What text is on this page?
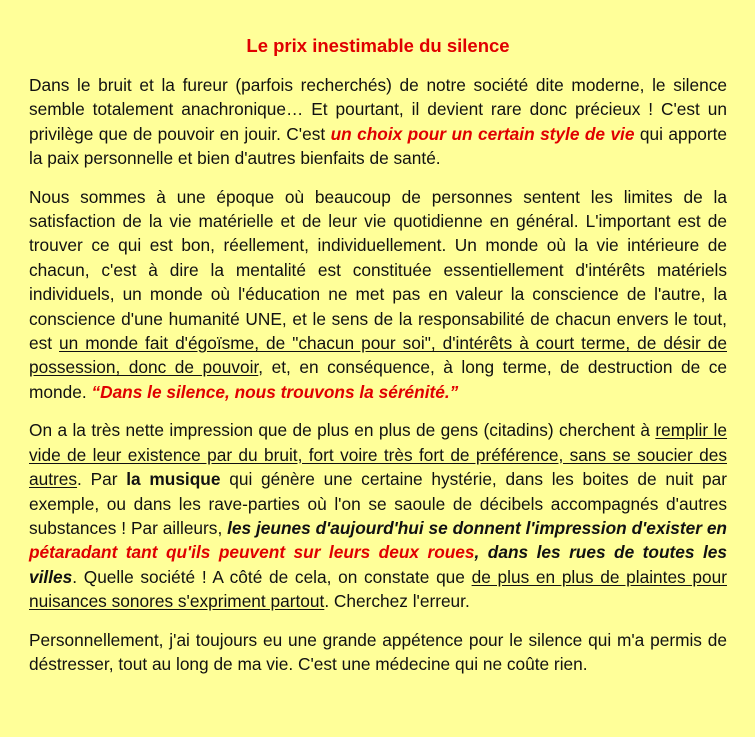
Le prix inestimable du silence

Dans le bruit et la fureur (parfois recherchés) de notre société dite moderne, le silence semble totalement anachronique… Et pourtant, il devient rare donc précieux ! C'est un privilège que de pouvoir en jouir. C'est un choix pour un certain style de vie qui apporte la paix personnelle et bien d'autres bienfaits de santé.

Nous sommes à une époque où beaucoup de personnes sentent les limites de la satisfaction de la vie matérielle et de leur vie quotidienne en général. L'important est de trouver ce qui est bon, réellement, individuellement. Un monde où la vie intérieure de chacun, c'est à dire la mentalité est constituée essentiellement d'intérêts matériels individuels, un monde où l'éducation ne met pas en valeur la conscience de l'autre, la conscience d'une humanité UNE, et le sens de la responsabilité de chacun envers le tout, est un monde fait d'égoïsme, de "chacun pour soi", d'intérêts à court terme, de désir de possession, donc de pouvoir, et, en conséquence, à long terme, de destruction de ce monde. “Dans le silence, nous trouvons la sérénité.”

On a la très nette impression que de plus en plus de gens (citadins) cherchent à remplir le vide de leur existence par du bruit, fort voire très fort de préférence, sans se soucier des autres. Par la musique qui génère une certaine hystérie, dans les boites de nuit par exemple, ou dans les rave-parties où l'on se saoule de décibels accompagnés d'autres substances ! Par ailleurs, les jeunes d'aujourd'hui se donnent l'impression d'exister en pétaradant tant qu'ils peuvent sur leurs deux roues, dans les rues de toutes les villes. Quelle société ! A côté de cela, on constate que de plus en plus de plaintes pour nuisances sonores s'expriment partout. Cherchez l'erreur.

Personnellement, j'ai toujours eu une grande appétence pour le silence qui m'a permis de déstresser, tout au long de ma vie. C'est une médecine qui ne coûte rien.
